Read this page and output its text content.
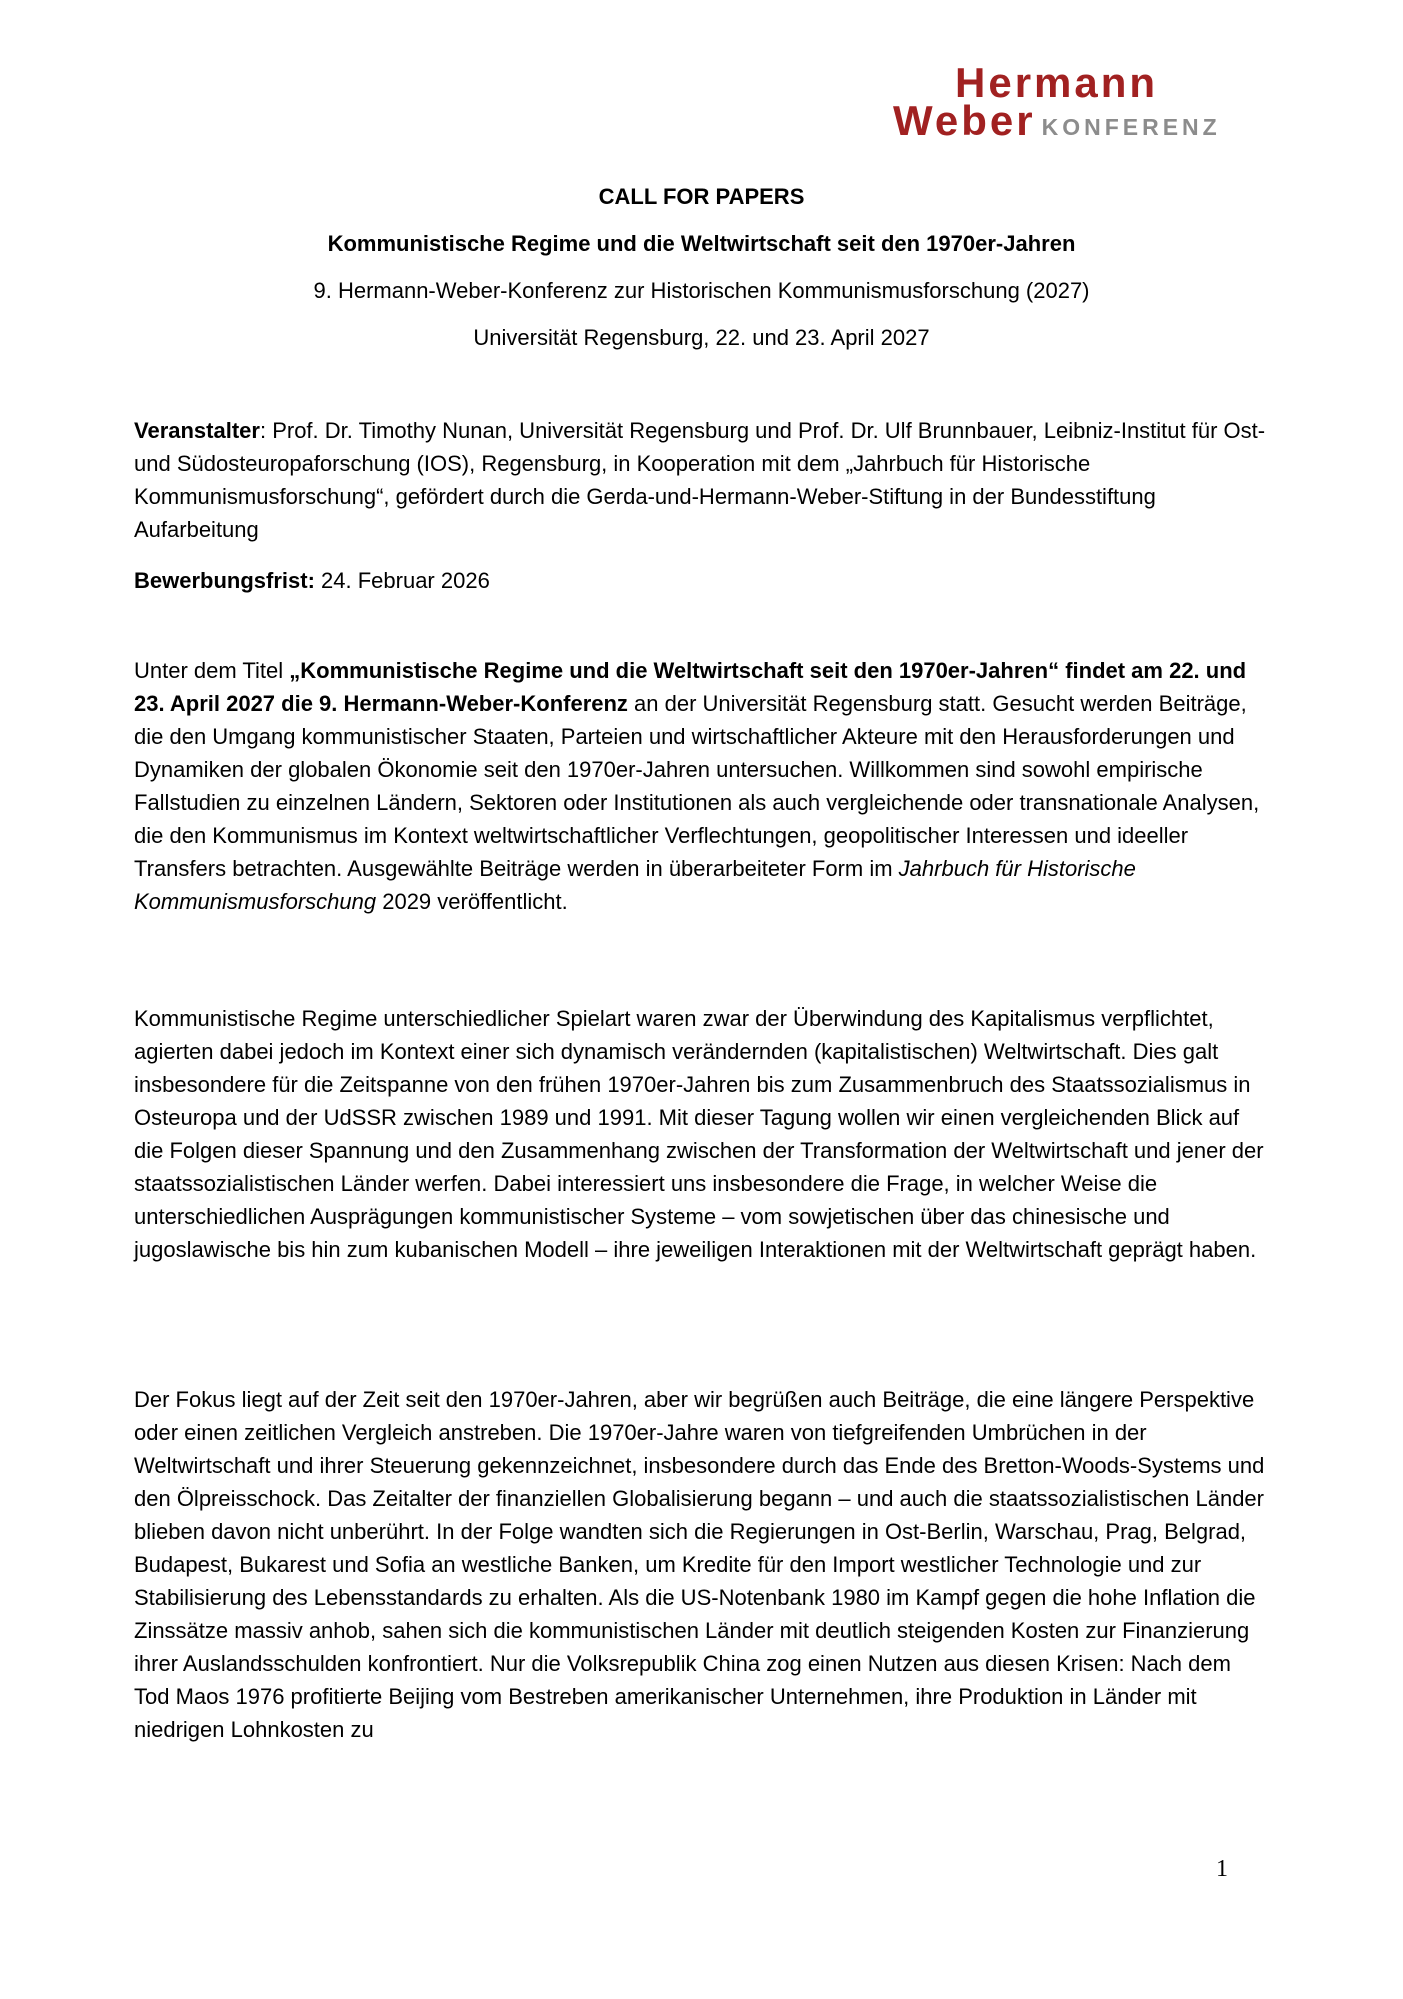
Hermann
Weber KONFERENZ

CALL FOR PAPERS

Kommunistische Regime und die Weltwirtschaft seit den 1970er-Jahren

9. Hermann-Weber-Konferenz zur Historischen Kommunismusforschung (2027)

Universität Regensburg, 22. und 23. April 2027

Veranstalter: Prof. Dr. Timothy Nunan, Universität Regensburg und Prof. Dr. Ulf Brunnbauer, Leibniz-Institut für Ost- und Südosteuropaforschung (IOS), Regensburg, in Kooperation mit dem „Jahrbuch für Historische Kommunismusforschung“, gefördert durch die Gerda-und-Hermann-Weber-Stiftung in der Bundesstiftung Aufarbeitung

Bewerbungsfrist: 24. Februar 2026

Unter dem Titel „Kommunistische Regime und die Weltwirtschaft seit den 1970er-Jahren“ findet am 22. und 23. April 2027 die 9. Hermann-Weber-Konferenz an der Universität Regensburg statt. Gesucht werden Beiträge, die den Umgang kommunistischer Staaten, Parteien und wirtschaftlicher Akteure mit den Herausforderungen und Dynamiken der globalen Ökonomie seit den 1970er-Jahren untersuchen. Willkommen sind sowohl empirische Fallstudien zu einzelnen Ländern, Sektoren oder Institutionen als auch vergleichende oder transnationale Analysen, die den Kommunismus im Kontext weltwirtschaftlicher Verflechtungen, geopolitischer Interessen und ideeller Transfers betrachten. Ausgewählte Beiträge werden in überarbeiteter Form im Jahrbuch für Historische Kommunismusforschung 2029 veröffentlicht.

Kommunistische Regime unterschiedlicher Spielart waren zwar der Überwindung des Kapitalismus verpflichtet, agierten dabei jedoch im Kontext einer sich dynamisch verändernden (kapitalistischen) Weltwirtschaft. Dies galt insbesondere für die Zeitspanne von den frühen 1970er-Jahren bis zum Zusammenbruch des Staatssozialismus in Osteuropa und der UdSSR zwischen 1989 und 1991. Mit dieser Tagung wollen wir einen vergleichenden Blick auf die Folgen dieser Spannung und den Zusammenhang zwischen der Transformation der Weltwirtschaft und jener der staatssozialistischen Länder werfen. Dabei interessiert uns insbesondere die Frage, in welcher Weise die unterschiedlichen Ausprägungen kommunistischer Systeme – vom sowjetischen über das chinesische und jugoslawische bis hin zum kubanischen Modell – ihre jeweiligen Interaktionen mit der Weltwirtschaft geprägt haben.

Der Fokus liegt auf der Zeit seit den 1970er-Jahren, aber wir begrüßen auch Beiträge, die eine längere Perspektive oder einen zeitlichen Vergleich anstreben. Die 1970er-Jahre waren von tiefgreifenden Umbrüchen in der Weltwirtschaft und ihrer Steuerung gekennzeichnet, insbesondere durch das Ende des Bretton-Woods-Systems und den Ölpreisschock. Das Zeitalter der finanziellen Globalisierung begann – und auch die staatssozialistischen Länder blieben davon nicht unberührt. In der Folge wandten sich die Regierungen in Ost-Berlin, Warschau, Prag, Belgrad, Budapest, Bukarest und Sofia an westliche Banken, um Kredite für den Import westlicher Technologie und zur Stabilisierung des Lebensstandards zu erhalten. Als die US-Notenbank 1980 im Kampf gegen die hohe Inflation die Zinssätze massiv anhob, sahen sich die kommunistischen Länder mit deutlich steigenden Kosten zur Finanzierung ihrer Auslandsschulden konfrontiert. Nur die Volksrepublik China zog einen Nutzen aus diesen Krisen: Nach dem Tod Maos 1976 profitierte Beijing vom Bestreben amerikanischer Unternehmen, ihre Produktion in Länder mit niedrigen Lohnkosten zu

1
